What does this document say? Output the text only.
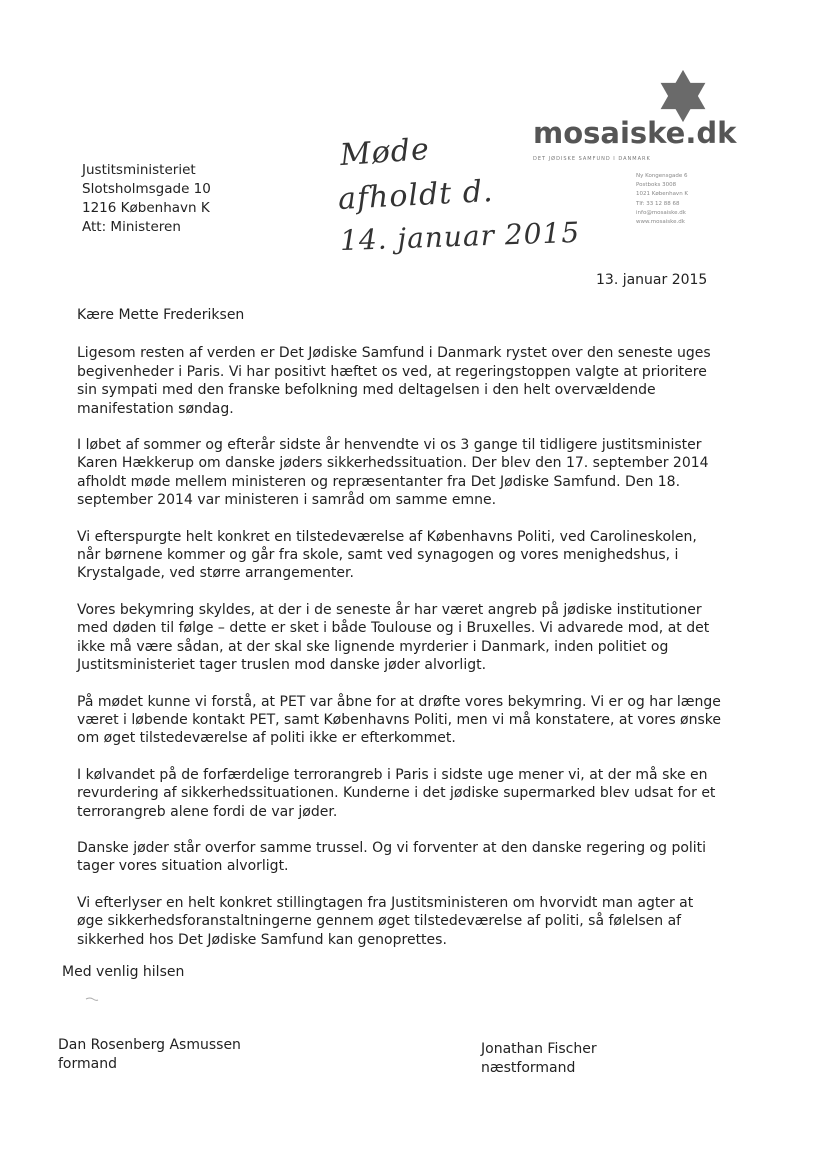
mosaiske.dk
DET JØDISKE SAMFUND I DANMARK
Ny Kongensgade 6
Postboks 3008
1021 København K
Tlf: 33 12 88 68
info@mosaiske.dk
www.mosaiske.dk
Justitsministeriet
Slotsholmsgade 10
1216 København K
Att: Ministeren
Møde
afholdt d.
14. januar 2015
13. januar 2015

Kære Mette Frederiksen

Ligesom resten af verden er Det Jødiske Samfund i Danmark rystet over den seneste uges begivenheder i Paris. Vi har positivt hæftet os ved, at regeringstoppen valgte at prioritere sin sympati med den franske befolkning med deltagelsen i den helt overvældende manifestation søndag.

I løbet af sommer og efterår sidste år henvendte vi os 3 gange til tidligere justitsminister Karen Hækkerup om danske jøders sikkerhedssituation. Der blev den 17. september 2014 afholdt møde mellem ministeren og repræsentanter fra Det Jødiske Samfund. Den 18. september 2014 var ministeren i samråd om samme emne.

Vi efterspurgte helt konkret en tilstedeværelse af Københavns Politi, ved Carolineskolen, når børnene kommer og går fra skole, samt ved synagogen og vores menighedshus, i Krystalgade, ved større arrangementer.

Vores bekymring skyldes, at der i de seneste år har været angreb på jødiske institutioner med døden til følge – dette er sket i både Toulouse og i Bruxelles. Vi advarede mod, at det ikke må være sådan, at der skal ske lignende myrderier i Danmark, inden politiet og Justitsministeriet tager truslen mod danske jøder alvorligt.

På mødet kunne vi forstå, at PET var åbne for at drøfte vores bekymring. Vi er og har længe været i løbende kontakt PET, samt Københavns Politi, men vi må konstatere, at vores ønske om øget tilstedeværelse af politi ikke er efterkommet.

I kølvandet på de forfærdelige terrorangreb i Paris i sidste uge mener vi, at der må ske en revurdering af sikkerhedssituationen. Kunderne i det jødiske supermarked blev udsat for et terrorangreb alene fordi de var jøder.

Danske jøder står overfor samme trussel. Og vi forventer at den danske regering og politi tager vores situation alvorligt.

Vi efterlyser en helt konkret stillingtagen fra Justitsministeren om hvorvidt man agter at øge sikkerhedsforanstaltningerne gennem øget tilstedeværelse af politi, så følelsen af sikkerhed hos Det Jødiske Samfund kan genoprettes.

Med venlig hilsen

Dan Rosenberg Asmussen
formand
Jonathan Fischer
næstformand
